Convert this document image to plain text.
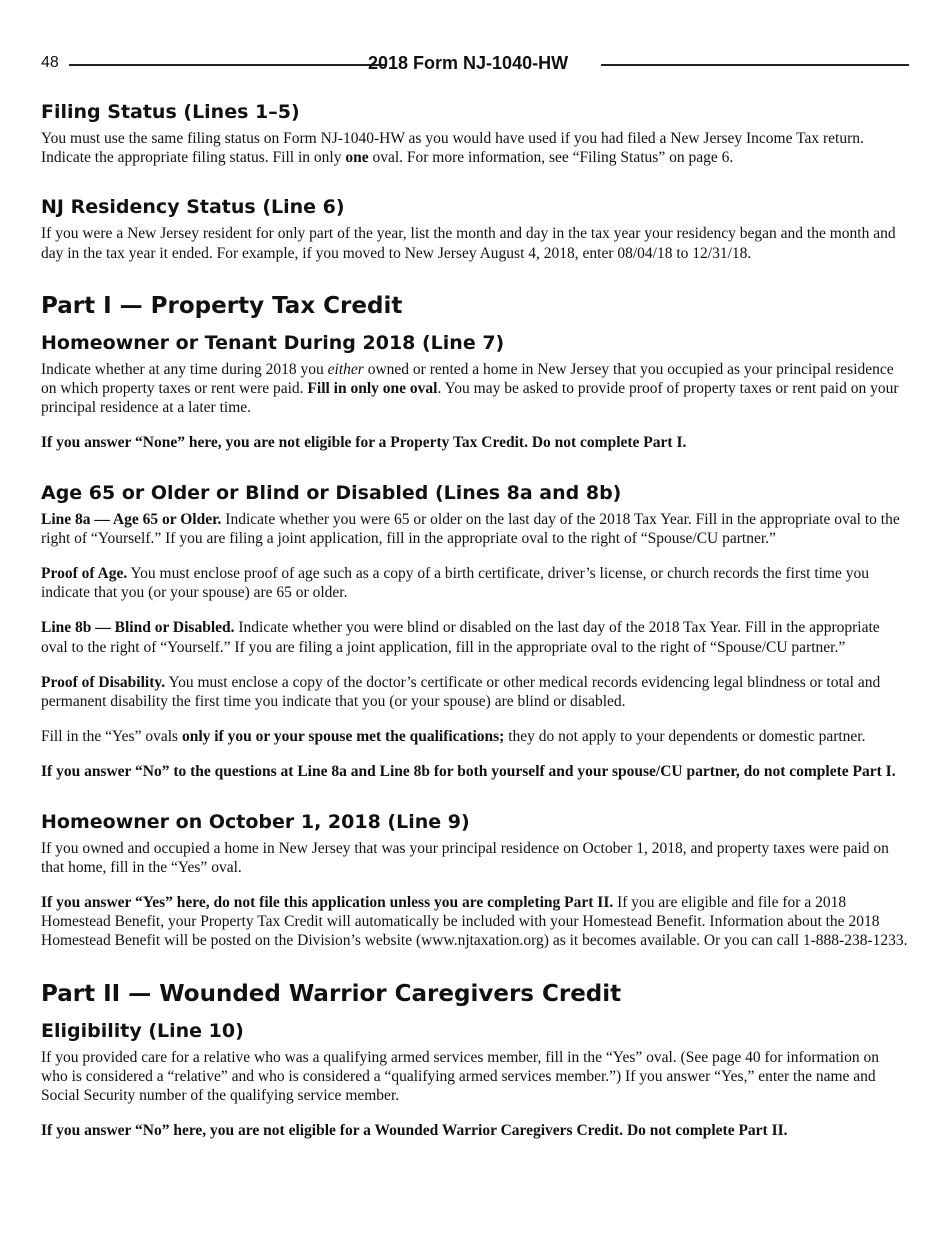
48	2018 Form NJ-1040-HW
Filing Status (Lines 1–5)

You must use the same filing status on Form NJ-1040-HW as you would have used if you had filed a New Jersey Income Tax return. Indicate the appropriate filing status. Fill in only one oval. For more information, see “Filing Status” on page 6.

NJ Residency Status (Line 6)

If you were a New Jersey resident for only part of the year, list the month and day in the tax year your residency began and the month and day in the tax year it ended. For example, if you moved to New Jersey August 4, 2018, enter 08/04/18 to 12/31/18.

Part I — Property Tax Credit
Homeowner or Tenant During 2018 (Line 7)

Indicate whether at any time during 2018 you either owned or rented a home in New Jersey that you occupied as your principal residence on which property taxes or rent were paid. Fill in only one oval. You may be asked to provide proof of property taxes or rent paid on your principal residence at a later time.

If you answer “None” here, you are not eligible for a Property Tax Credit. Do not complete Part I.

Age 65 or Older or Blind or Disabled (Lines 8a and 8b)

Line 8a — Age 65 or Older. Indicate whether you were 65 or older on the last day of the 2018 Tax Year. Fill in the appropriate oval to the right of “Yourself.” If you are filing a joint application, fill in the appropriate oval to the right of “Spouse/CU partner.”

Proof of Age. You must enclose proof of age such as a copy of a birth certificate, driver’s license, or church records the first time you indicate that you (or your spouse) are 65 or older.

Line 8b — Blind or Disabled. Indicate whether you were blind or disabled on the last day of the 2018 Tax Year. Fill in the appropriate oval to the right of “Yourself.” If you are filing a joint application, fill in the appropriate oval to the right of “Spouse/CU partner.”

Proof of Disability. You must enclose a copy of the doctor’s certificate or other medical records evidencing legal blindness or total and permanent disability the first time you indicate that you (or your spouse) are blind or disabled.

Fill in the “Yes” ovals only if you or your spouse met the qualifications; they do not apply to your dependents or domestic partner.

If you answer “No” to the questions at Line 8a and Line 8b for both yourself and your spouse/CU partner, do not complete Part I.

Homeowner on October 1, 2018 (Line 9)

If you owned and occupied a home in New Jersey that was your principal residence on October 1, 2018, and property taxes were paid on that home, fill in the “Yes” oval.

If you answer “Yes” here, do not file this application unless you are completing Part II. If you are eligible and file for a 2018 Homestead Benefit, your Property Tax Credit will automatically be included with your Homestead Benefit. Information about the 2018 Homestead Benefit will be posted on the Division’s website (www.njtaxation.org) as it becomes available. Or you can call 1-888-238-1233.

Part II — Wounded Warrior Caregivers Credit
Eligibility (Line 10)

If you provided care for a relative who was a qualifying armed services member, fill in the “Yes” oval. (See page 40 for information on who is considered a “relative” and who is considered a “qualifying armed services member.”) If you answer “Yes,” enter the name and Social Security number of the qualifying service member.

If you answer “No” here, you are not eligible for a Wounded Warrior Caregivers Credit. Do not complete Part II.
